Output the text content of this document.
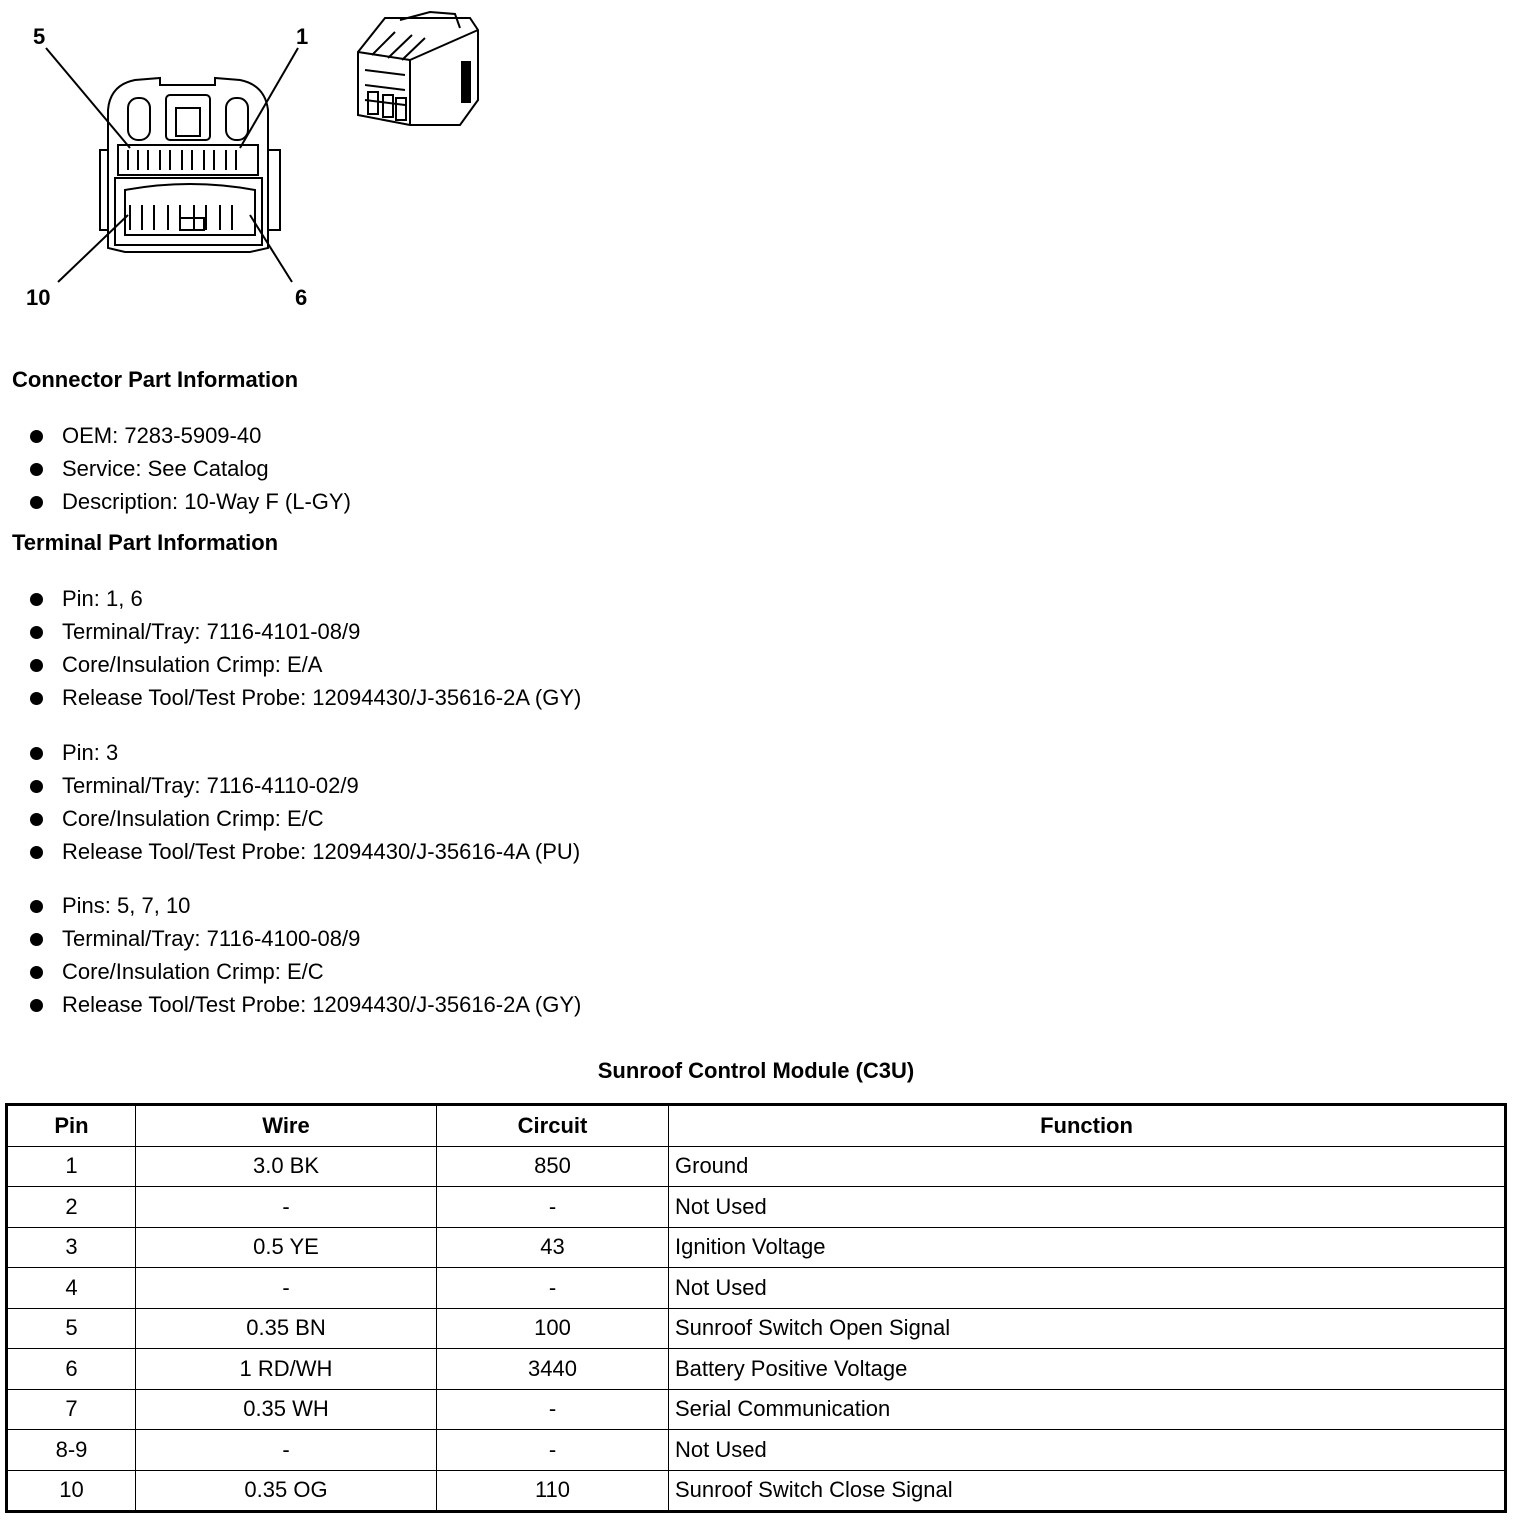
5	1
10	6
Connector Part Information
OEM: 7283-5909-40
Service: See Catalog
Description: 10-Way F (L-GY)
Terminal Part Information
Pin: 1, 6
Terminal/Tray: 7116-4101-08/9
Core/Insulation Crimp: E/A
Release Tool/Test Probe: 12094430/J-35616-2A (GY)
Pin: 3
Terminal/Tray: 7116-4110-02/9
Core/Insulation Crimp: E/C
Release Tool/Test Probe: 12094430/J-35616-4A (PU)
Pins: 5, 7, 10
Terminal/Tray: 7116-4100-08/9
Core/Insulation Crimp: E/C
Release Tool/Test Probe: 12094430/J-35616-2A (GY)
Sunroof Control Module (C3U)
Pin	Wire	Circuit	Function
1	3.0 BK	850	Ground
2	-	-	Not Used
3	0.5 YE	43	Ignition Voltage
4	-	-	Not Used
5	0.35 BN	100	Sunroof Switch Open Signal
6	1 RD/WH	3440	Battery Positive Voltage
7	0.35 WH	-	Serial Communication
8-9	-	-	Not Used
10	0.35 OG	110	Sunroof Switch Close Signal
